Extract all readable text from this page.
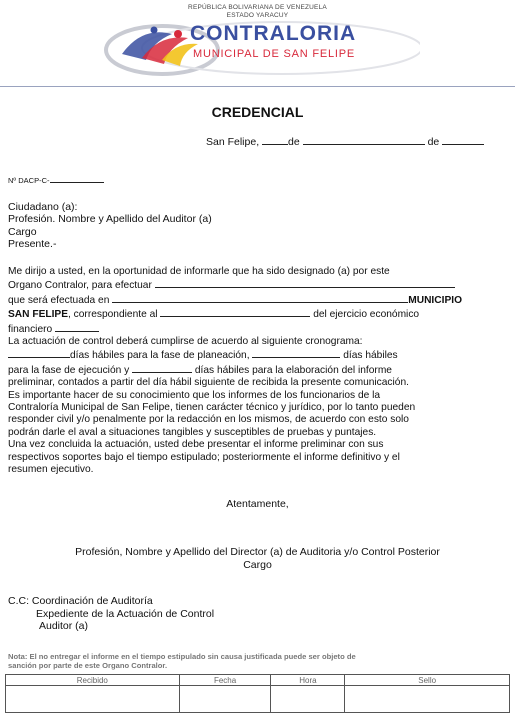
REPÚBLICA BOLIVARIANA DE VENEZUELA
ESTADO YARACUY
CONTRALORIA
MUNICIPAL DE SAN FELIPE
CREDENCIAL
San Felipe,	de	de
Nº DACP-C-
Ciudadano (a):
Profesión. Nombre y Apellido del Auditor (a)
Cargo
Presente.-
Me dirijo a usted, en la oportunidad de informarle que ha sido designado (a) por este
Organo Contralor, para efectuar
que será efectuada en	MUNICIPIO
SAN FELIPE, correspondiente al	del ejercicio económico
financiero
La actuación de control deberá cumplirse de acuerdo al siguiente cronograma:
días hábiles para la fase de planeación,	días hábiles
para la fase de ejecución y	días hábiles para la elaboración del informe
preliminar, contados a partir del día hábil siguiente de recibida la presente comunicación.
Es importante hacer de su conocimiento que los informes de los funcionarios de la
Contraloría Municipal de San Felipe, tienen carácter técnico y jurídico, por lo tanto pueden
responder civil y/o penalmente por la redacción en los mismos, de acuerdo con esto solo
podrán darle el aval a situaciones tangibles y susceptibles de pruebas y puntajes.
Una vez concluida la actuación, usted debe presentar el informe preliminar con sus
respectivos soportes bajo el tiempo estipulado; posteriormente el informe definitivo y el
resumen ejecutivo.
Atentamente,
Profesión, Nombre y Apellido del Director (a) de Auditoria y/o Control Posterior
Cargo
C.C: Coordinación de Auditoría
Expediente de la Actuación de Control
Auditor (a)
Nota: El no entregar el informe en el tiempo estipulado sin causa justificada puede ser objeto de
sanción por parte de este Organo Contralor.
Recibido	Fecha	Hora	Sello
